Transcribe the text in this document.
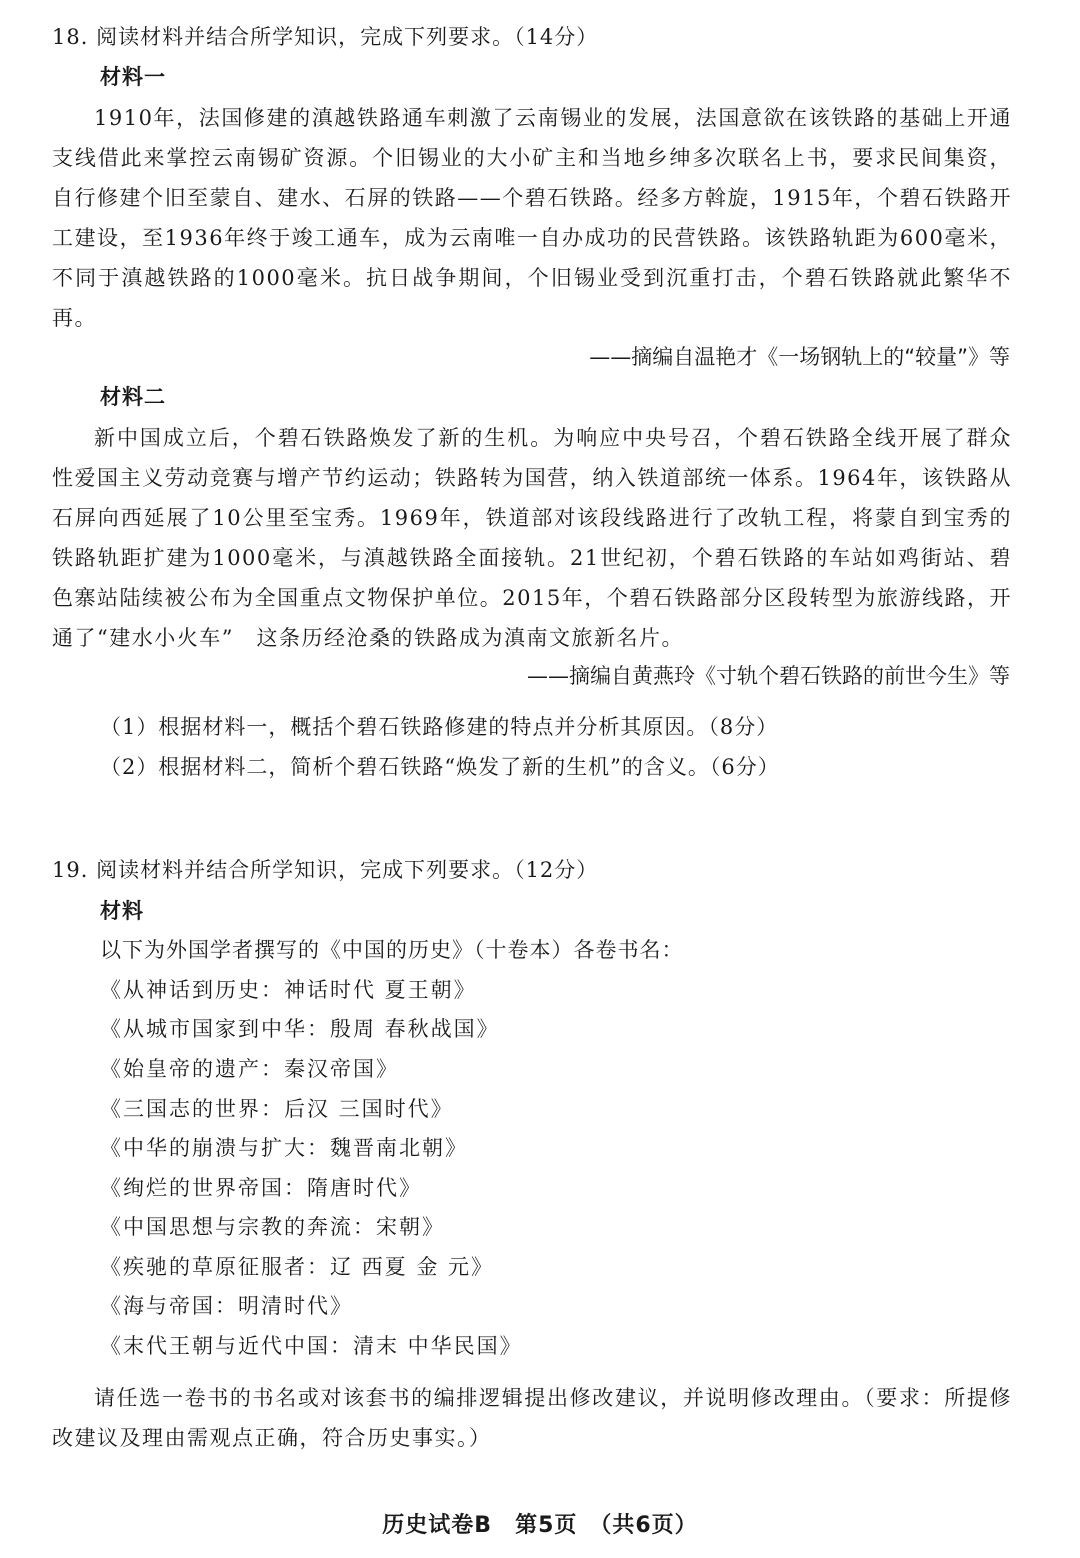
18. 阅读材料并结合所学知识，完成下列要求。（14分）
材料一
1910年，法国修建的滇越铁路通车刺激了云南锡业的发展，法国意欲在该铁路的基础上开通支线借此来掌控云南锡矿资源。个旧锡业的大小矿主和当地乡绅多次联名上书，要求民间集资，自行修建个旧至蒙自、建水、石屏的铁路——个碧石铁路。经多方斡旋，1915年，个碧石铁路开工建设，至1936年终于竣工通车，成为云南唯一自办成功的民营铁路。该铁路轨距为600毫米，不同于滇越铁路的1000毫米。抗日战争期间，个旧锡业受到沉重打击，个碧石铁路就此繁华不再。
——摘编自温艳才《一场钢轨上的“较量”》等
材料二
新中国成立后，个碧石铁路焕发了新的生机。为响应中央号召，个碧石铁路全线开展了群众性爱国主义劳动竞赛与增产节约运动；铁路转为国营，纳入铁道部统一体系。1964年，该铁路从石屏向西延展了10公里至宝秀。1969年，铁道部对该段线路进行了改轨工程，将蒙自到宝秀的铁路轨距扩建为1000毫米，与滇越铁路全面接轨。21世纪初，个碧石铁路的车站如鸡街站、碧色寨站陆续被公布为全国重点文物保护单位。2015年，个碧石铁路部分区段转型为旅游线路，开通了“建水小火车”　这条历经沧桑的铁路成为滇南文旅新名片。
——摘编自黄燕玲《寸轨个碧石铁路的前世今生》等
（1）根据材料一，概括个碧石铁路修建的特点并分析其原因。（8分）
（2）根据材料二，简析个碧石铁路“焕发了新的生机”的含义。（6分）
19. 阅读材料并结合所学知识，完成下列要求。（12分）
材料
以下为外国学者撰写的《中国的历史》（十卷本）各卷书名：
《从神话到历史：神话时代 夏王朝》
《从城市国家到中华：殷周 春秋战国》
《始皇帝的遗产：秦汉帝国》
《三国志的世界：后汉 三国时代》
《中华的崩溃与扩大：魏晋南北朝》
《绚烂的世界帝国：隋唐时代》
《中国思想与宗教的奔流：宋朝》
《疾驰的草原征服者：辽 西夏 金 元》
《海与帝国：明清时代》
《末代王朝与近代中国：清末 中华民国》
请任选一卷书的书名或对该套书的编排逻辑提出修改建议，并说明修改理由。（要求：所提修改建议及理由需观点正确，符合历史事实。）
历史试卷B　第5页　（共6页）
